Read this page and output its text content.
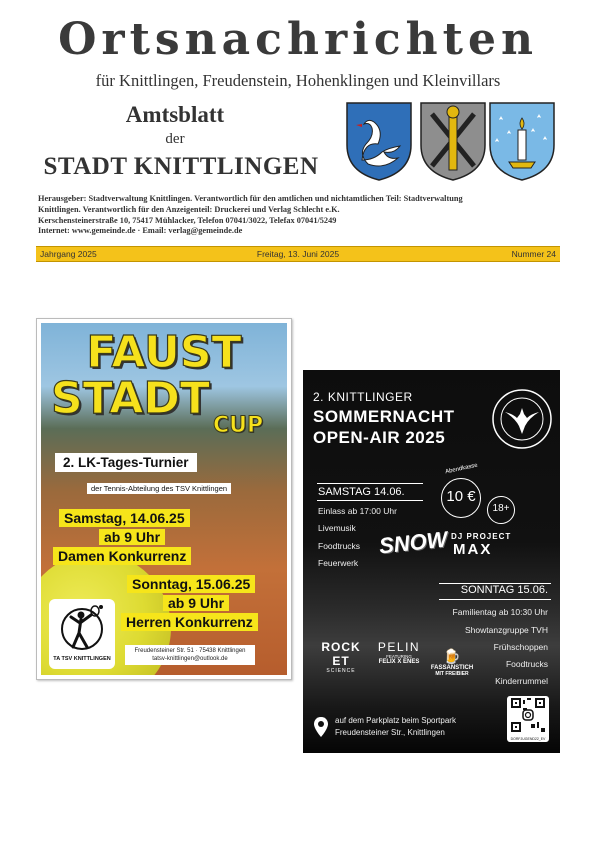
Ortsnachrichten
für Knittlingen, Freudenstein, Hohenklingen und Kleinvillars
Amtsblatt
der
STADT KNITTLINGEN
Herausgeber: Stadtverwaltung Knittlingen. Verantwortlich für den amtlichen und nichtamtlichen Teil: Stadtverwaltung
Knittlingen. Verantwortlich für den Anzeigenteil: Druckerei und Verlag Schlecht e.K.
Kerschensteinerstraße 10, 75417 Mühlacker, Telefon 07041/3022, Telefax 07041/5249
Internet: www.gemeinde.de · Email: verlag@gemeinde.de
Jahrgang 2025	Freitag, 13. Juni 2025	Nummer 24
FAUST
STADT
CUP
2. LK-Tages-Turnier
der Tennis-Abteilung des TSV Knittlingen
Samstag, 14.06.25
ab 9 Uhr
Damen Konkurrenz
Sonntag, 15.06.25
ab 9 Uhr
Herren Konkurrenz
TA TSV KNITTLINGEN
Freudensteiner Str. 51 · 75438 Knittlingen
tatsv-knittlingen@outlook.de
2. KNITTLINGER
SOMMERNACHT
OPEN-AIR 2025
SAMSTAG 14.06.
Einlass ab 17:00 Uhr
Livemusik
Foodtrucks
Feuerwerk
Abendkasse
10 €
18+
SNOW DJ PROJECT
MAX
SONNTAG 15.06.
Familientag ab 10:30 Uhr
Showtanzgruppe TVH
Frühschoppen
Foodtrucks
Kinderrummel
ROCK ET
SCIENCE
PELIN
FEATURING
FELIX X ENES	🍺
FASSANSTICH
MIT FREIBIER
auf dem Parkplatz beim Sportpark
Freudensteiner Str., Knittlingen
DORFJUGEND22_EV
